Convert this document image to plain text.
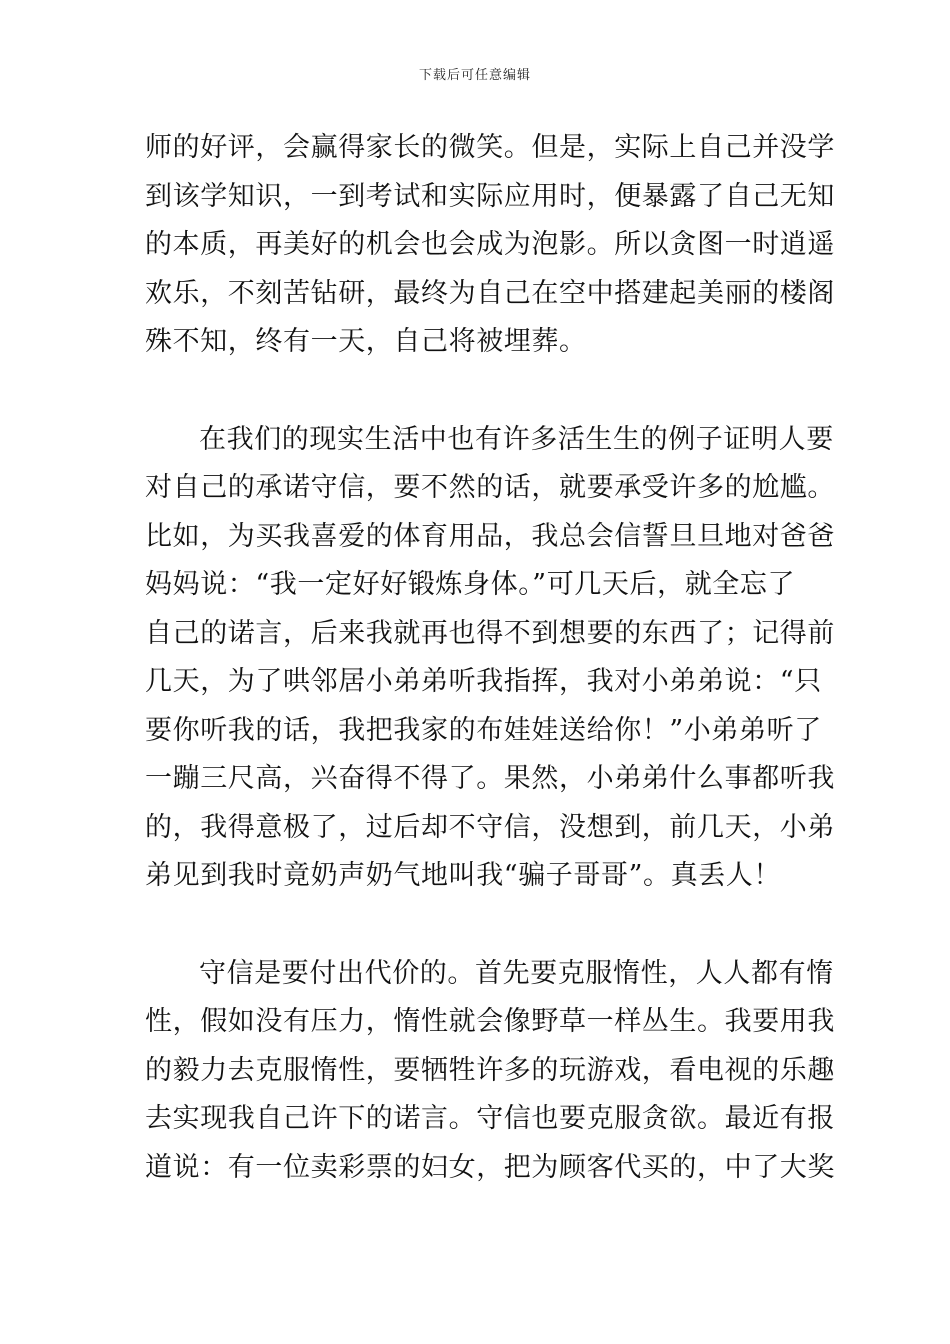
下载后可任意编辑
师的好评，会赢得家长的微笑。但是，实际上自己并没学
到该学知识，一到考试和实际应用时，便暴露了自己无知
的本质，再美好的机会也会成为泡影。所以贪图一时逍遥
欢乐，不刻苦钻研，最终为自己在空中搭建起美丽的楼阁
殊不知，终有一天，自己将被埋葬。
在我们的现实生活中也有许多活生生的例子证明人要
对自己的承诺守信，要不然的话，就要承受许多的尬尴。
比如，为买我喜爱的体育用品，我总会信誓旦旦地对爸爸
妈妈说：“我一定好好锻炼身体。”可几天后，就全忘了
自己的诺言，后来我就再也得不到想要的东西了；记得前
几天，为了哄邻居小弟弟听我指挥，我对小弟弟说：“只
要你听我的话，我把我家的布娃娃送给你！”小弟弟听了
一蹦三尺高，兴奋得不得了。果然，小弟弟什么事都听我
的，我得意极了，过后却不守信，没想到，前几天，小弟
弟见到我时竟奶声奶气地叫我“骗子哥哥”。真丢人！
守信是要付出代价的。首先要克服惰性，人人都有惰
性，假如没有压力，惰性就会像野草一样丛生。我要用我
的毅力去克服惰性，要牺牲许多的玩游戏，看电视的乐趣
去实现我自己许下的诺言。守信也要克服贪欲。最近有报
道说：有一位卖彩票的妇女，把为顾客代买的，中了大奖
